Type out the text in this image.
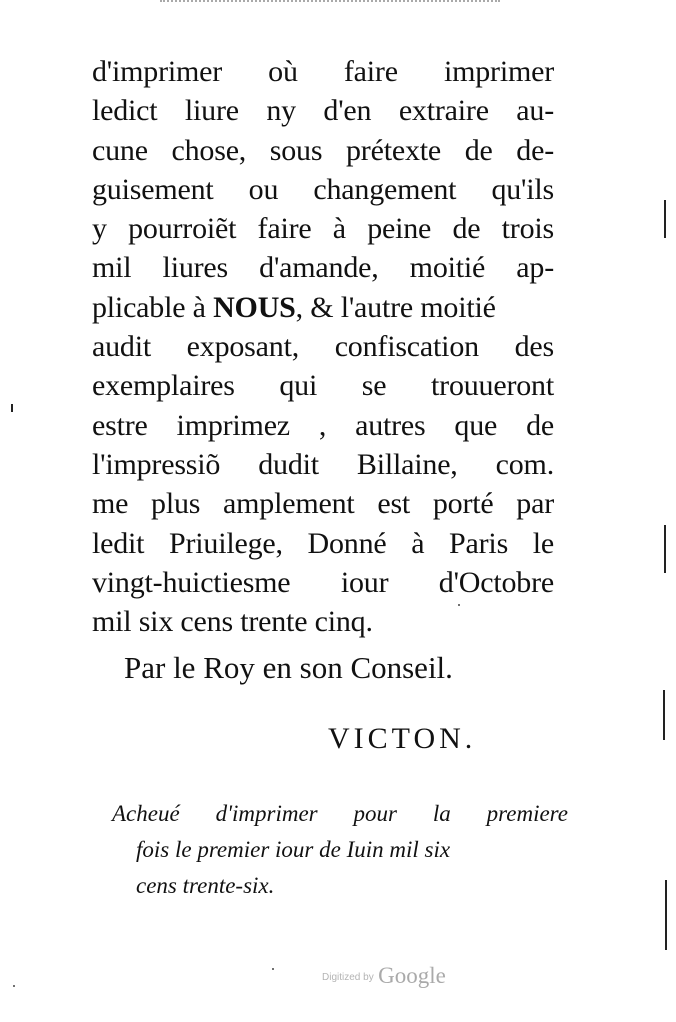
d'imprimer où faire imprimer
ledict liure ny d'en extraire au-
cune chose, sous prétexte de de-
guisement ou changement qu'ils
y pourroiẽt faire à peine de trois
mil liures d'amande, moitié ap-
plicable à NOUS, & l'autre moitié
audit exposant, confiscation des
exemplaires qui se trouueront
estre imprimez , autres que de
l'impressiõ dudit Billaine, com.
me plus amplement est porté par
ledit Priuilege, Donné à Paris le
vingt-huictiesme iour d'Octobre
mil six cens trente cinq.
Par le Roy en son Conseil.
VICTON.
Acheué d'imprimer pour la premiere
fois le premier iour de Iuin mil six
cens trente-six.
Digitized by Google
